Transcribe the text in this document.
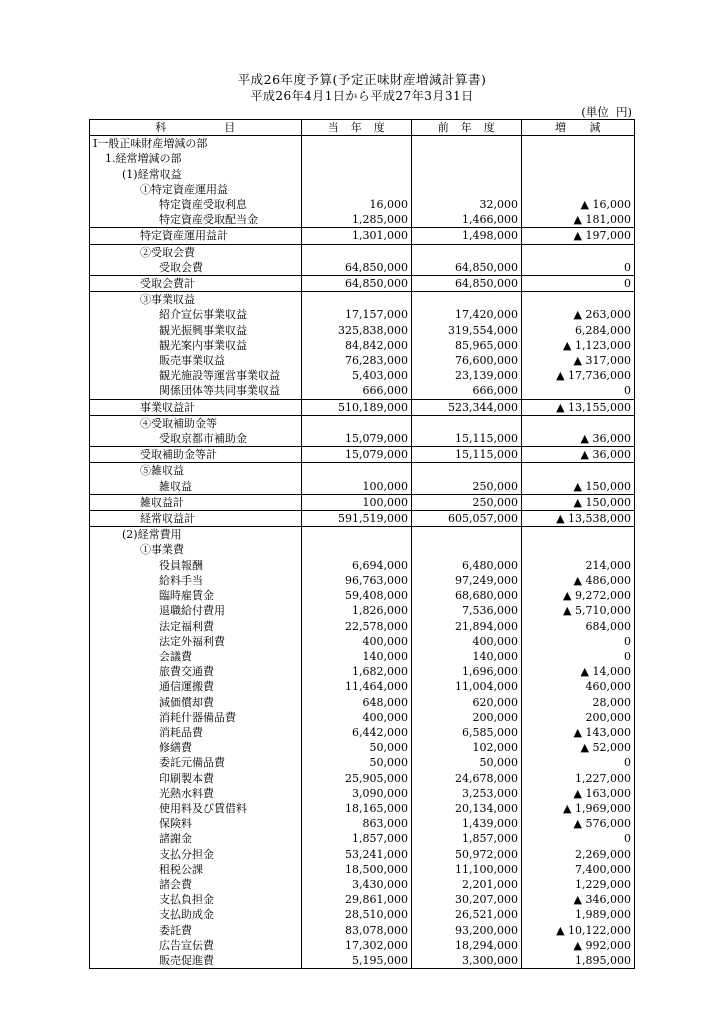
平成26年度予算(予定正味財産増減計算書)
平成26年4月1日から平成27年3月31日
(単位  円)
科　　　　　目	当　年　度	前　年　度	増　　減
Ⅰ一般正味財産増減の部			
1.経常増減の部			
(1)経常収益			
①特定資産運用益			
特定資産受取利息	16,000	32,000	▲ 16,000
特定資産受取配当金	1,285,000	1,466,000	▲ 181,000
特定資産運用益計	1,301,000	1,498,000	▲ 197,000
②受取会費			
受取会費	64,850,000	64,850,000	0
受取会費計	64,850,000	64,850,000	0
③事業収益			
紹介宣伝事業収益	17,157,000	17,420,000	▲ 263,000
観光振興事業収益	325,838,000	319,554,000	6,284,000
観光案内事業収益	84,842,000	85,965,000	▲ 1,123,000
販売事業収益	76,283,000	76,600,000	▲ 317,000
観光施設等運営事業収益	5,403,000	23,139,000	▲ 17,736,000
関係団体等共同事業収益	666,000	666,000	0
事業収益計	510,189,000	523,344,000	▲ 13,155,000
④受取補助金等			
受取京都市補助金	15,079,000	15,115,000	▲ 36,000
受取補助金等計	15,079,000	15,115,000	▲ 36,000
⑤雑収益			
雑収益	100,000	250,000	▲ 150,000
雑収益計	100,000	250,000	▲ 150,000
経常収益計	591,519,000	605,057,000	▲ 13,538,000
(2)経常費用			
①事業費			
役員報酬	6,694,000	6,480,000	214,000
給料手当	96,763,000	97,249,000	▲ 486,000
臨時雇賃金	59,408,000	68,680,000	▲ 9,272,000
退職給付費用	1,826,000	7,536,000	▲ 5,710,000
法定福利費	22,578,000	21,894,000	684,000
法定外福利費	400,000	400,000	0
会議費	140,000	140,000	0
旅費交通費	1,682,000	1,696,000	▲ 14,000
通信運搬費	11,464,000	11,004,000	460,000
減価償却費	648,000	620,000	28,000
消耗什器備品費	400,000	200,000	200,000
消耗品費	6,442,000	6,585,000	▲ 143,000
修繕費	50,000	102,000	▲ 52,000
委託元備品費	50,000	50,000	0
印刷製本費	25,905,000	24,678,000	1,227,000
光熱水料費	3,090,000	3,253,000	▲ 163,000
使用料及び賃借料	18,165,000	20,134,000	▲ 1,969,000
保険料	863,000	1,439,000	▲ 576,000
諸謝金	1,857,000	1,857,000	0
支払分担金	53,241,000	50,972,000	2,269,000
租税公課	18,500,000	11,100,000	7,400,000
諸会費	3,430,000	2,201,000	1,229,000
支払負担金	29,861,000	30,207,000	▲ 346,000
支払助成金	28,510,000	26,521,000	1,989,000
委託費	83,078,000	93,200,000	▲ 10,122,000
広告宣伝費	17,302,000	18,294,000	▲ 992,000
販売促進費	5,195,000	3,300,000	1,895,000
